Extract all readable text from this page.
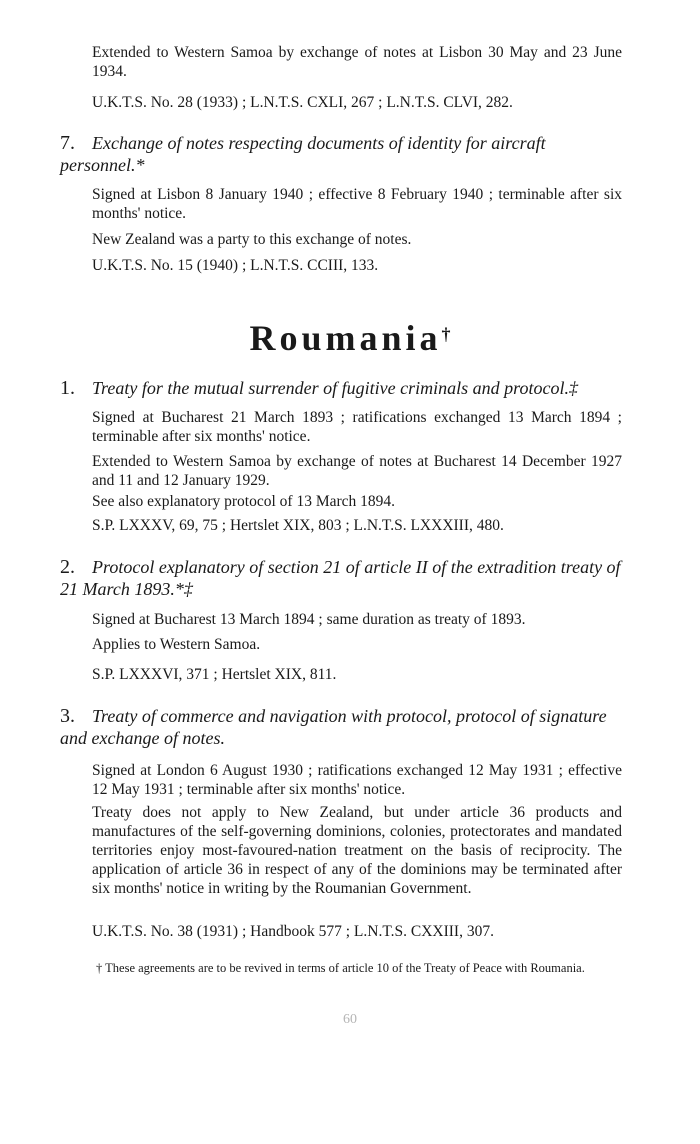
Extended to Western Samoa by exchange of notes at Lisbon 30 May and 23 June 1934.

U.K.T.S. No. 28 (1933) ; L.N.T.S. CXLI, 267 ; L.N.T.S. CLVI, 282.

7. Exchange of notes respecting documents of identity for aircraft personnel.*

Signed at Lisbon 8 January 1940 ; effective 8 February 1940 ; terminable after six months' notice.

New Zealand was a party to this exchange of notes.

U.K.T.S. No. 15 (1940) ; L.N.T.S. CCIII, 133.

Roumania†
1. Treaty for the mutual surrender of fugitive criminals and protocol.‡

Signed at Bucharest 21 March 1893 ; ratifications exchanged 13 March 1894 ; terminable after six months' notice.

Extended to Western Samoa by exchange of notes at Bucharest 14 December 1927 and 11 and 12 January 1929.

See also explanatory protocol of 13 March 1894.

S.P. LXXXV, 69, 75 ; Hertslet XIX, 803 ; L.N.T.S. LXXXIII, 480.

2. Protocol explanatory of section 21 of article II of the extradition treaty of 21 March 1893.*‡

Signed at Bucharest 13 March 1894 ; same duration as treaty of 1893.

Applies to Western Samoa.

S.P. LXXXVI, 371 ; Hertslet XIX, 811.

3. Treaty of commerce and navigation with protocol, protocol of signature and exchange of notes.

Signed at London 6 August 1930 ; ratifications exchanged 12 May 1931 ; effective 12 May 1931 ; terminable after six months' notice.

Treaty does not apply to New Zealand, but under article 36 products and manufactures of the self-governing dominions, colonies, protectorates and mandated territories enjoy most-favoured-nation treatment on the basis of reciprocity. The application of article 36 in respect of any of the dominions may be terminated after six months' notice in writing by the Roumanian Government.

U.K.T.S. No. 38 (1931) ; Handbook 577 ; L.N.T.S. CXXIII, 307.

† These agreements are to be revived in terms of article 10 of the Treaty of Peace with Roumania.

60
